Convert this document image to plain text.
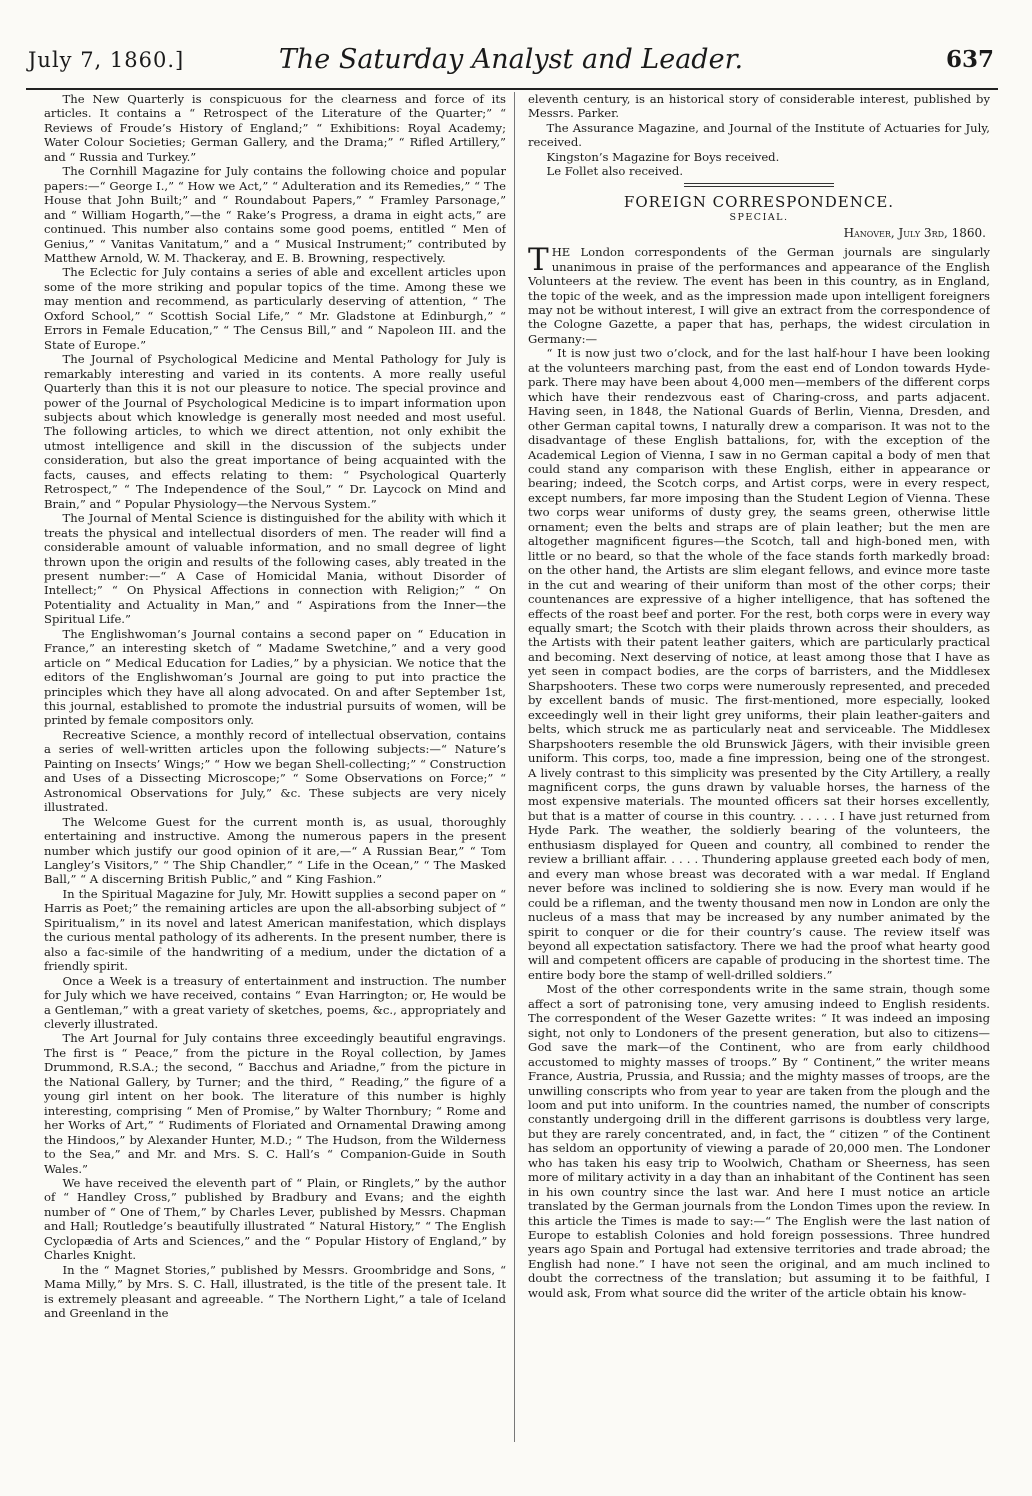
July 7, 1860.]	The Saturday Analyst and Leader.	637

The New Quarterly is conspicuous for the clearness and force of its articles. It contains a “ Retrospect of the Literature of the Quarter;” “ Reviews of Froude’s History of England;” “ Exhibitions: Royal Academy; Water Colour Societies; German Gallery, and the Drama;” “ Rifled Artillery,” and “ Russia and Turkey.”

The Cornhill Magazine for July contains the following choice and popular papers:—“ George I.,” “ How we Act,” “ Adulteration and its Remedies,” “ The House that John Built;” and “ Roundabout Papers,” “ Framley Parsonage,” and “ William Hogarth,”—the “ Rake’s Progress, a drama in eight acts,” are continued. This number also contains some good poems, entitled “ Men of Genius,” “ Vanitas Vanitatum,” and a “ Musical Instrument;” contributed by Matthew Arnold, W. M. Thackeray, and E. B. Browning, respectively.

The Eclectic for July contains a series of able and excellent articles upon some of the more striking and popular topics of the time. Among these we may mention and recommend, as particularly deserving of attention, “ The Oxford School,” “ Scottish Social Life,” “ Mr. Gladstone at Edinburgh,” “ Errors in Female Education,” “ The Census Bill,” and “ Napoleon III. and the State of Europe.”

The Journal of Psychological Medicine and Mental Pathology for July is remarkably interesting and varied in its contents. A more really useful Quarterly than this it is not our pleasure to notice. The special province and power of the Journal of Psychological Medicine is to impart information upon subjects about which knowledge is generally most needed and most useful. The following articles, to which we direct attention, not only exhibit the utmost intelligence and skill in the discussion of the subjects under consideration, but also the great importance of being acquainted with the facts, causes, and effects relating to them: “ Psychological Quarterly Retrospect,” “ The Independence of the Soul,” “ Dr. Laycock on Mind and Brain,” and “ Popular Physiology—the Nervous System.”

The Journal of Mental Science is distinguished for the ability with which it treats the physical and intellectual disorders of men. The reader will find a considerable amount of valuable information, and no small degree of light thrown upon the origin and results of the following cases, ably treated in the present number:—“ A Case of Homicidal Mania, without Disorder of Intellect;” “ On Physical Affections in connection with Religion;” “ On Potentiality and Actuality in Man,” and “ Aspirations from the Inner—the Spiritual Life.”

The Englishwoman’s Journal contains a second paper on “ Education in France,” an interesting sketch of “ Madame Swetchine,” and a very good article on “ Medical Education for Ladies,” by a physician. We notice that the editors of the Englishwoman’s Journal are going to put into practice the principles which they have all along advocated. On and after September 1st, this journal, established to promote the industrial pursuits of women, will be printed by female compositors only.

Recreative Science, a monthly record of intellectual observation, contains a series of well-written articles upon the following subjects:—“ Nature’s Painting on Insects’ Wings;” “ How we began Shell-collecting;” “ Construction and Uses of a Dissecting Microscope;” “ Some Observations on Force;” “ Astronomical Observations for July,” &c. These subjects are very nicely illustrated.

The Welcome Guest for the current month is, as usual, thoroughly entertaining and instructive. Among the numerous papers in the present number which justify our good opinion of it are,—“ A Russian Bear,” “ Tom Langley’s Visitors,” “ The Ship Chandler,” “ Life in the Ocean,” “ The Masked Ball,” “ A discerning British Public,” and “ King Fashion.”

In the Spiritual Magazine for July, Mr. Howitt supplies a second paper on “ Harris as Poet;” the remaining articles are upon the all-absorbing subject of “ Spiritualism,” in its novel and latest American manifestation, which displays the curious mental pathology of its adherents. In the present number, there is also a fac-simile of the handwriting of a medium, under the dictation of a friendly spirit.

Once a Week is a treasury of entertainment and instruction. The number for July which we have received, contains “ Evan Harrington; or, He would be a Gentleman,” with a great variety of sketches, poems, &c., appropriately and cleverly illustrated.

The Art Journal for July contains three exceedingly beautiful engravings. The first is “ Peace,” from the picture in the Royal collection, by James Drummond, R.S.A.; the second, “ Bacchus and Ariadne,” from the picture in the National Gallery, by Turner; and the third, “ Reading,” the figure of a young girl intent on her book. The literature of this number is highly interesting, comprising “ Men of Promise,” by Walter Thornbury; “ Rome and her Works of Art,” “ Rudiments of Floriated and Ornamental Drawing among the Hindoos,” by Alexander Hunter, M.D.; “ The Hudson, from the Wilderness to the Sea,” and Mr. and Mrs. S. C. Hall’s “ Companion-Guide in South Wales.”

We have received the eleventh part of “ Plain, or Ringlets,” by the author of “ Handley Cross,” published by Bradbury and Evans; and the eighth number of “ One of Them,” by Charles Lever, published by Messrs. Chapman and Hall; Routledge’s beautifully illustrated “ Natural History,” “ The English Cyclopædia of Arts and Sciences,” and the “ Popular History of England,” by Charles Knight.

In the “ Magnet Stories,” published by Messrs. Groombridge and Sons, “ Mama Milly,” by Mrs. S. C. Hall, illustrated, is the title of the present tale. It is extremely pleasant and agreeable. “ The Northern Light,” a tale of Iceland and Greenland in the

eleventh century, is an historical story of considerable interest, published by Messrs. Parker.

The Assurance Magazine, and Journal of the Institute of Actuaries for July, received.

Kingston’s Magazine for Boys received.

Le Follet also received.

FOREIGN CORRESPONDENCE.
SPECIAL.
Hanover, July 3rd, 1860.

THE London correspondents of the German journals are singularly unanimous in praise of the performances and appearance of the English Volunteers at the review. The event has been in this country, as in England, the topic of the week, and as the impression made upon intelligent foreigners may not be without interest, I will give an extract from the correspondence of the Cologne Gazette, a paper that has, perhaps, the widest circulation in Germany:—

“ It is now just two o’clock, and for the last half-hour I have been looking at the volunteers marching past, from the east end of London towards Hyde-park. There may have been about 4,000 men—members of the different corps which have their rendezvous east of Charing-cross, and parts adjacent. Having seen, in 1848, the National Guards of Berlin, Vienna, Dresden, and other German capital towns, I naturally drew a comparison. It was not to the disadvantage of these English battalions, for, with the exception of the Academical Legion of Vienna, I saw in no German capital a body of men that could stand any comparison with these English, either in appearance or bearing; indeed, the Scotch corps, and Artist corps, were in every respect, except numbers, far more imposing than the Student Legion of Vienna. These two corps wear uniforms of dusty grey, the seams green, otherwise little ornament; even the belts and straps are of plain leather; but the men are altogether magnificent figures—the Scotch, tall and high-boned men, with little or no beard, so that the whole of the face stands forth markedly broad: on the other hand, the Artists are slim elegant fellows, and evince more taste in the cut and wearing of their uniform than most of the other corps; their countenances are expressive of a higher intelligence, that has softened the effects of the roast beef and porter. For the rest, both corps were in every way equally smart; the Scotch with their plaids thrown across their shoulders, as the Artists with their patent leather gaiters, which are particularly practical and becoming. Next deserving of notice, at least among those that I have as yet seen in compact bodies, are the corps of barristers, and the Middlesex Sharpshooters. These two corps were numerously represented, and preceded by excellent bands of music. The first-mentioned, more especially, looked exceedingly well in their light grey uniforms, their plain leather-gaiters and belts, which struck me as particularly neat and serviceable. The Middlesex Sharpshooters resemble the old Brunswick Jägers, with their invisible green uniform. This corps, too, made a fine impression, being one of the strongest. A lively contrast to this simplicity was presented by the City Artillery, a really magnificent corps, the guns drawn by valuable horses, the harness of the most expensive materials. The mounted officers sat their horses excellently, but that is a matter of course in this country. . . . . . I have just returned from Hyde Park. The weather, the soldierly bearing of the volunteers, the enthusiasm displayed for Queen and country, all combined to render the review a brilliant affair. . . . . Thundering applause greeted each body of men, and every man whose breast was decorated with a war medal. If England never before was inclined to soldiering she is now. Every man would if he could be a rifleman, and the twenty thousand men now in London are only the nucleus of a mass that may be increased by any number animated by the spirit to conquer or die for their country’s cause. The review itself was beyond all expectation satisfactory. There we had the proof what hearty good will and competent officers are capable of producing in the shortest time. The entire body bore the stamp of well-drilled soldiers.”

Most of the other correspondents write in the same strain, though some affect a sort of patronising tone, very amusing indeed to English residents. The correspondent of the Weser Gazette writes: “ It was indeed an imposing sight, not only to Londoners of the present generation, but also to citizens—God save the mark—of the Continent, who are from early childhood accustomed to mighty masses of troops.” By “ Continent,” the writer means France, Austria, Prussia, and Russia; and the mighty masses of troops, are the unwilling conscripts who from year to year are taken from the plough and the loom and put into uniform. In the countries named, the number of conscripts constantly undergoing drill in the different garrisons is doubtless very large, but they are rarely concentrated, and, in fact, the “ citizen ” of the Continent has seldom an opportunity of viewing a parade of 20,000 men. The Londoner who has taken his easy trip to Woolwich, Chatham or Sheerness, has seen more of military activity in a day than an inhabitant of the Continent has seen in his own country since the last war. And here I must notice an article translated by the German journals from the London Times upon the review. In this article the Times is made to say:—“ The English were the last nation of Europe to establish Colonies and hold foreign possessions. Three hundred years ago Spain and Portugal had extensive territories and trade abroad; the English had none.” I have not seen the original, and am much inclined to doubt the correctness of the translation; but assuming it to be faithful, I would ask, From what source did the writer of the article obtain his know-
